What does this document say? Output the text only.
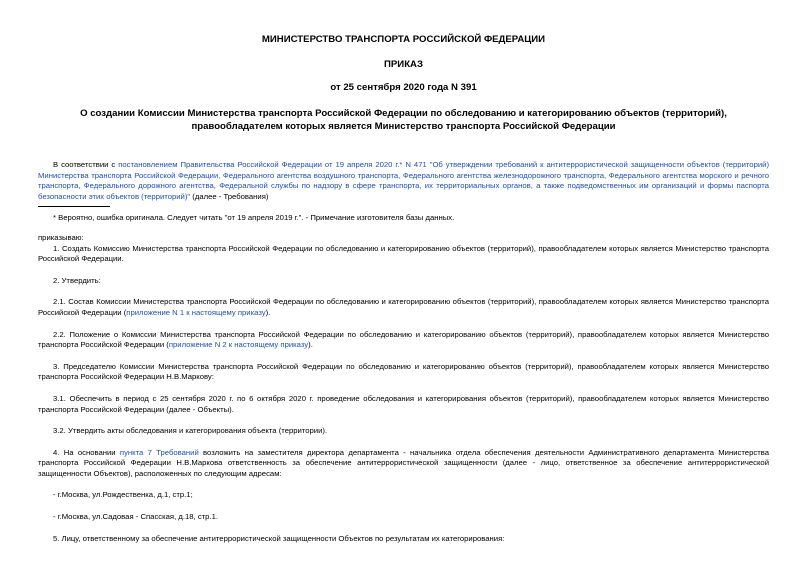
МИНИСТЕРСТВО ТРАНСПОРТА РОССИЙСКОЙ ФЕДЕРАЦИИ
ПРИКАЗ
от 25 сентября 2020 года N 391
О создании Комиссии Министерства транспорта Российской Федерации по обследованию и категорированию объектов (территорий), правообладателем которых является Министерство транспорта Российской Федерации

В соответствии с постановлением Правительства Российской Федерации от 19 апреля 2020 г.* N 471 "Об утверждении требований к антитеррористической защищенности объектов (территорий) Министерства транспорта Российской Федерации, Федерального агентства воздушного транспорта, Федерального агентства железнодорожного транспорта, Федерального агентства морского и речного транспорта, Федерального дорожного агентства, Федеральной службы по надзору в сфере транспорта, их территориальных органов, а также подведомственных им организаций и формы паспорта безопасности этих объектов (территорий)" (далее - Требования)

* Вероятно, ошибка оригинала. Следует читать "от 19 апреля 2019 г.". - Примечание изготовителя базы данных.

приказываю:

1. Создать Комиссию Министерства транспорта Российской Федерации по обследованию и категорированию объектов (территорий), правообладателем которых является Министерство транспорта Российской Федерации.

2. Утвердить:

2.1. Состав Комиссии Министерства транспорта Российской Федерации по обследованию и категорированию объектов (территорий), правообладателем которых является Министерство транспорта Российской Федерации (приложение N 1 к настоящему приказу).

2.2. Положение о Комиссии Министерства транспорта Российской Федерации по обследованию и категорированию объектов (территорий), правообладателем которых является Министерство транспорта Российской Федерации (приложение N 2 к настоящему приказу).

3. Председателю Комиссии Министерства транспорта Российской Федерации по обследованию и категорированию объектов (территорий), правообладателем которых является Министерство транспорта Российской Федерации Н.В.Маркову:

3.1. Обеспечить в период с 25 сентября 2020 г. по 6 октября 2020 г. проведение обследования и категорирования объектов (территорий), правообладателем которых является Министерство транспорта Российской Федерации (далее - Объекты).

3.2. Утвердить акты обследования и категорирования объекта (территории).

4. На основании пункта 7 Требований возложить на заместителя директора департамента - начальника отдела обеспечения деятельности Административного департамента Министерства транспорта Российской Федерации Н.В.Маркова ответственность за обеспечение антитеррористической защищенности (далее - лицо, ответственное за обеспечение антитеррористической защищенности Объектов), расположенных по следующим адресам:

- г.Москва, ул.Рождественка, д.1, стр.1;

- г.Москва, ул.Садовая - Спасская, д.18, стр.1.

5. Лицу, ответственному за обеспечение антитеррористической защищенности Объектов по результатам их категорирования:
